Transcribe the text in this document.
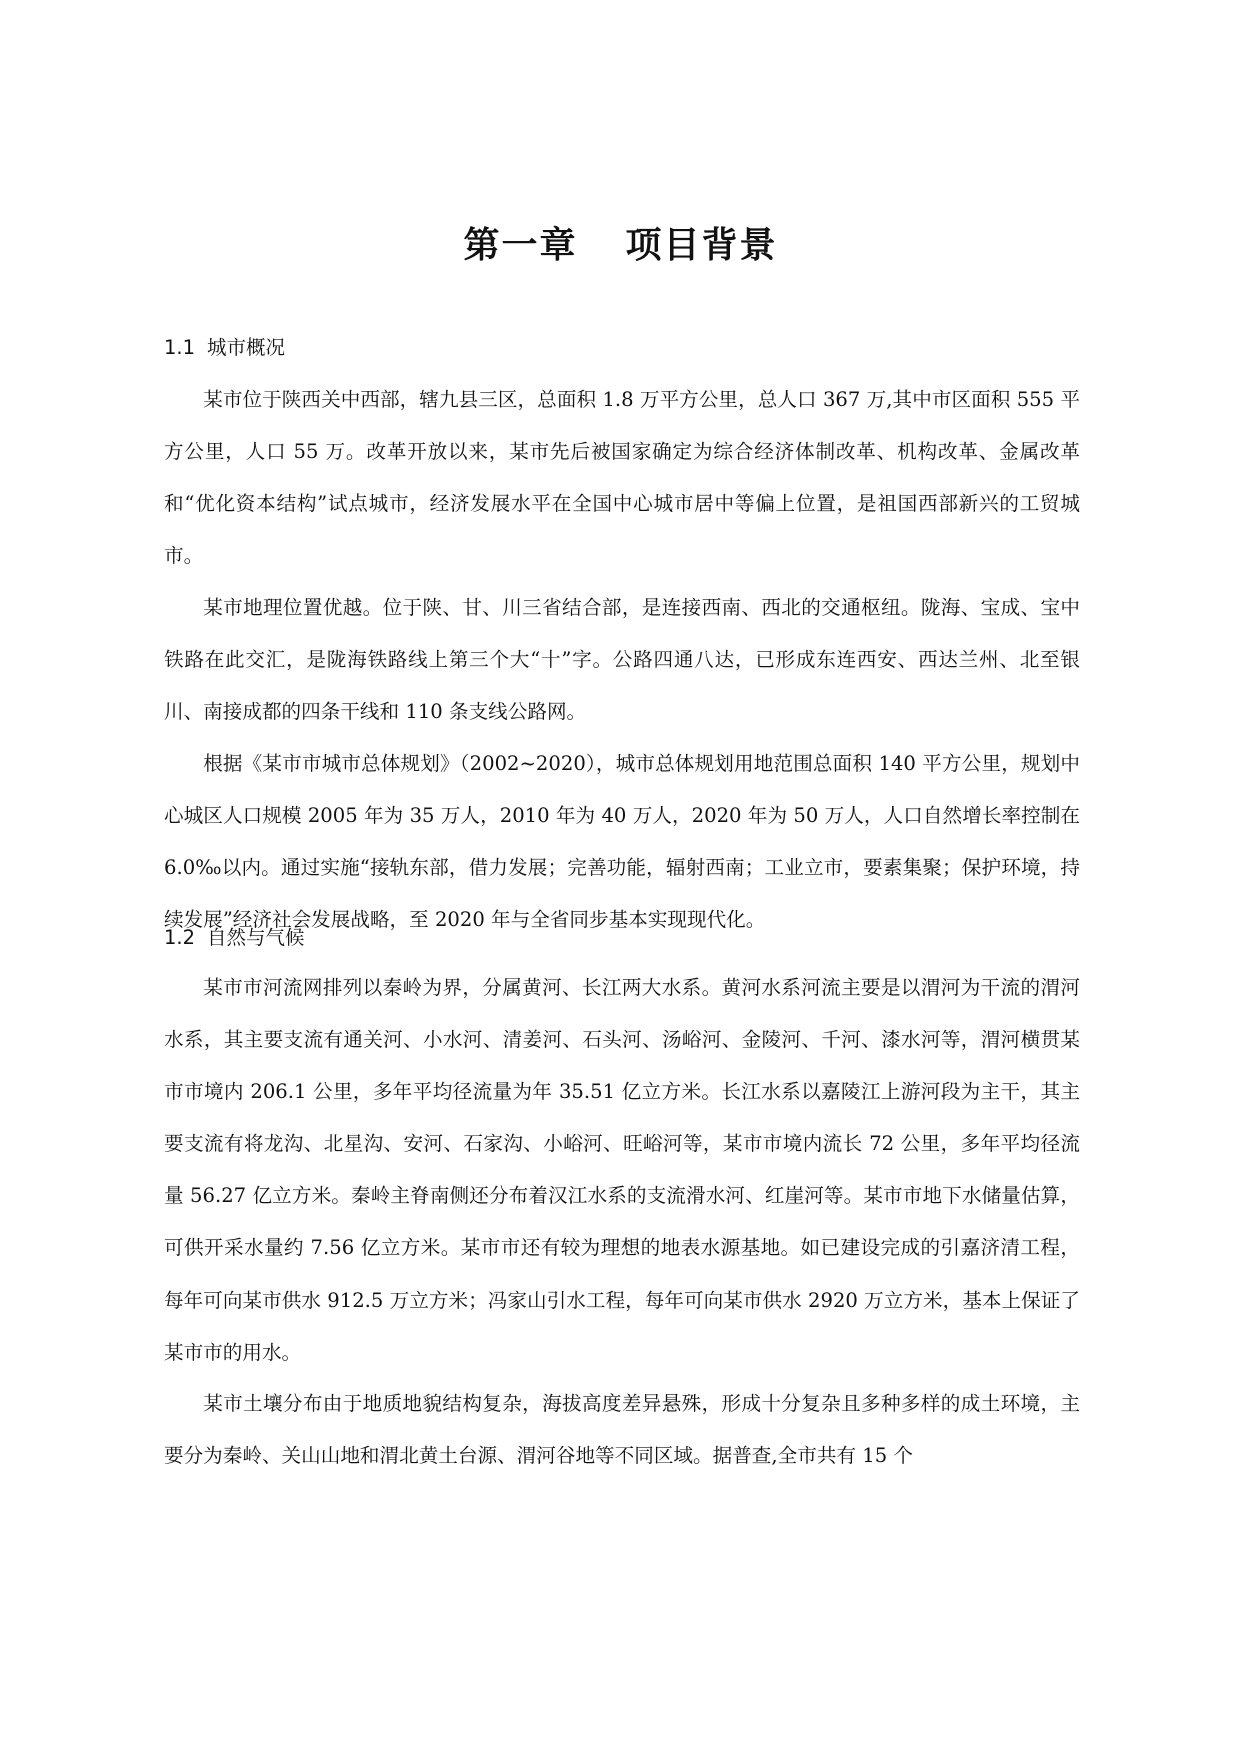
第一章 项目背景
1.1 城市概况

某市位于陕西关中西部，辖九县三区，总面积 1.8 万平方公里，总人口 367 万,其中市区面积 555 平方公里，人口 55 万。改革开放以来，某市先后被国家确定为综合经济体制改革、机构改革、金属改革和“优化资本结构”试点城市，经济发展水平在全国中心城市居中等偏上位置，是祖国西部新兴的工贸城市。

某市地理位置优越。位于陕、甘、川三省结合部，是连接西南、西北的交通枢纽。陇海、宝成、宝中铁路在此交汇，是陇海铁路线上第三个大“十”字。公路四通八达，已形成东连西安、西达兰州、北至银川、南接成都的四条干线和 110 条支线公路网。

根据《某市市城市总体规划》（2002~2020），城市总体规划用地范围总面积 140 平方公里，规划中心城区人口规模 2005 年为 35 万人，2010 年为 40 万人，2020 年为 50 万人，人口自然增长率控制在 6.0‰以内。通过实施“接轨东部，借力发展；完善功能，辐射西南；工业立市，要素集聚；保护环境，持续发展”经济社会发展战略，至 2020 年与全省同步基本实现现代化。

1.2 自然与气候

某市市河流网排列以秦岭为界，分属黄河、长江两大水系。黄河水系河流主要是以渭河为干流的渭河水系，其主要支流有通关河、小水河、清姜河、石头河、汤峪河、金陵河、千河、漆水河等，渭河横贯某市市境内 206.1 公里，多年平均径流量为年 35.51 亿立方米。长江水系以嘉陵江上游河段为主干，其主要支流有将龙沟、北星沟、安河、石家沟、小峪河、旺峪河等，某市市境内流长 72 公里，多年平均径流量 56.27 亿立方米。秦岭主脊南侧还分布着汉江水系的支流滑水河、红崖河等。某市市地下水储量估算，可供开采水量约 7.56 亿立方米。某市市还有较为理想的地表水源基地。如已建设完成的引嘉济清工程，每年可向某市供水 912.5 万立方米；冯家山引水工程，每年可向某市供水 2920 万立方米，基本上保证了某市市的用水。

某市土壤分布由于地质地貌结构复杂，海拔高度差异悬殊，形成十分复杂且多种多样的成土环境，主要分为秦岭、关山山地和渭北黄土台源、渭河谷地等不同区域。据普查,全市共有 15 个
